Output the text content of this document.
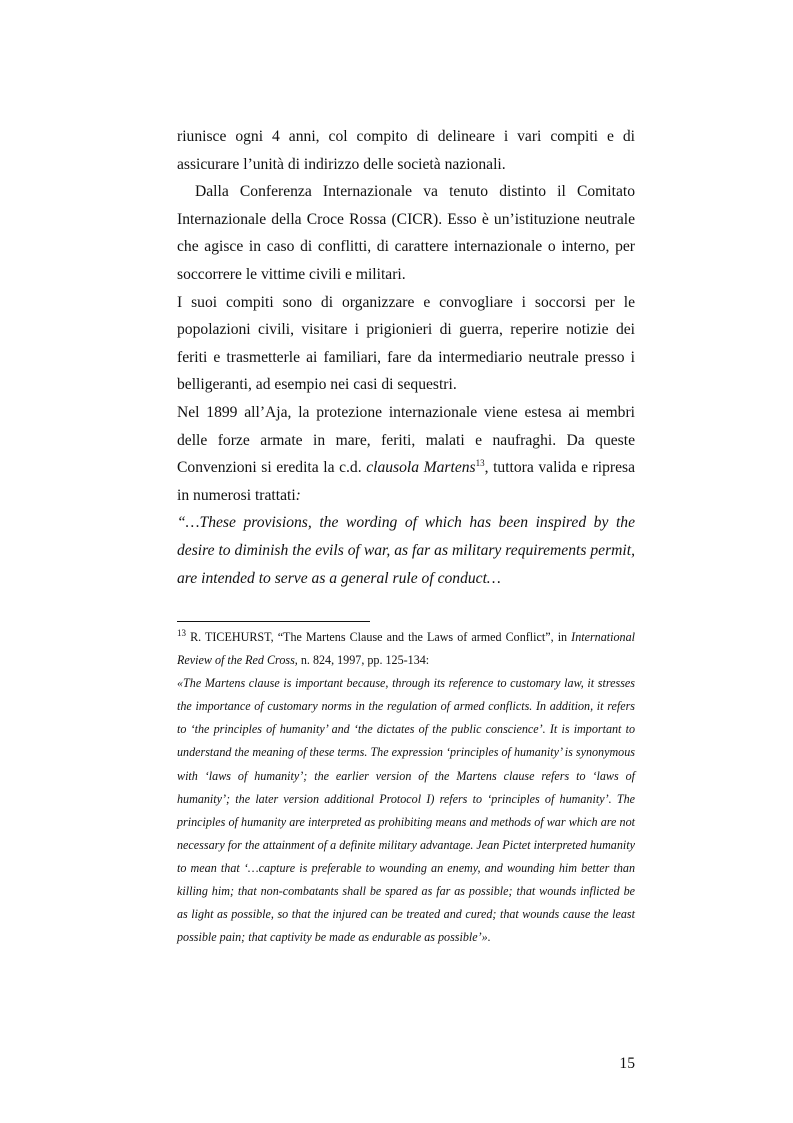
riunisce ogni 4 anni, col compito di delineare i vari compiti e di assicurare l’unità di indirizzo delle società nazionali.

Dalla Conferenza Internazionale va tenuto distinto il Comitato Internazionale della Croce Rossa (CICR). Esso è un’istituzione neutrale che agisce in caso di conflitti, di carattere internazionale o interno, per soccorrere le vittime civili e militari.

I suoi compiti sono di organizzare e convogliare i soccorsi per le popolazioni civili, visitare i prigionieri di guerra, reperire notizie dei feriti e trasmetterle ai familiari, fare da intermediario neutrale presso i belligeranti, ad esempio nei casi di sequestri.

Nel 1899 all’Aja, la protezione internazionale viene estesa ai membri delle forze armate in mare, feriti, malati e naufraghi. Da queste Convenzioni si eredita la c.d. clausola Martens$^{13}$, tuttora valida e ripresa in numerosi trattati:

“…These provisions, the wording of which has been inspired by the desire to diminish the evils of war, as far as military requirements permit, are intended to serve as a general rule of conduct…

$^{13}$ R. TICEHURST, “The Martens Clause and the Laws of armed Conflict”, in International Review of the Red Cross, n. 824, 1997, pp. 125-134:

«The Martens clause is important because, through its reference to customary law, it stresses the importance of customary norms in the regulation of armed conflicts. In addition, it refers to ‘the principles of humanity’ and ‘the dictates of the public conscience’. It is important to understand the meaning of these terms. The expression ‘principles of humanity’ is synonymous with ‘laws of humanity’; the earlier version of the Martens clause refers to ‘laws of humanity’; the later version additional Protocol I) refers to ‘principles of humanity’. The principles of humanity are interpreted as prohibiting means and methods of war which are not necessary for the attainment of a definite military advantage. Jean Pictet interpreted humanity to mean that ‘…capture is preferable to wounding an enemy, and wounding him better than killing him; that non-combatants shall be spared as far as possible; that wounds inflicted be as light as possible, so that the injured can be treated and cured; that wounds cause the least possible pain; that captivity be made as endurable as possible’».

15
